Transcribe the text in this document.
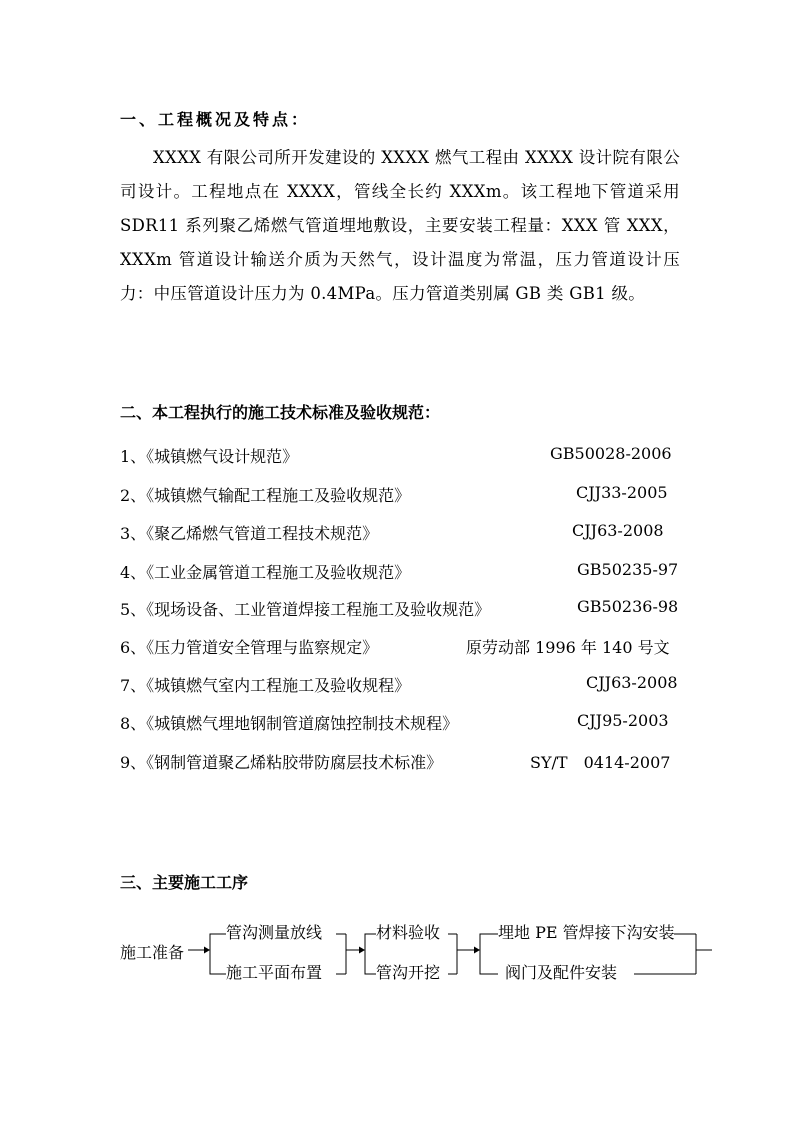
一、工程概况及特点：
XXXX 有限公司所开发建设的 XXXX 燃气工程由 XXXX 设计院有限公司设计。工程地点在 XXXX，管线全长约 XXXm。该工程地下管道采用 SDR11 系列聚乙烯燃气管道埋地敷设，主要安装工程量：XXX 管 XXX，XXXm 管道设计输送介质为天然气，设计温度为常温，压力管道设计压力：中压管道设计压力为 0.4MPa。压力管道类别属 GB 类 GB1 级。
二、本工程执行的施工技术标准及验收规范：
1、《城镇燃气设计规范》	GB50028-2006
2、《城镇燃气输配工程施工及验收规范》	CJJ33-2005
3、《聚乙烯燃气管道工程技术规范》	CJJ63-2008
4、《工业金属管道工程施工及验收规范》	GB50235-97
5、《现场设备、工业管道焊接工程施工及验收规范》	GB50236-98
6、《压力管道安全管理与监察规定》	原劳动部 1996 年 140 号文
7、《城镇燃气室内工程施工及验收规程》	CJJ63-2008
8、《城镇燃气埋地钢制管道腐蚀控制技术规程》	CJJ95-2003
9、《钢制管道聚乙烯粘胶带防腐层技术标准》	SY/T　0414-2007
三、主要施工工序
施工准备
管沟测量放线
施工平面布置
材料验收
管沟开挖
埋地 PE 管焊接下沟安装
阀门及配件安装
